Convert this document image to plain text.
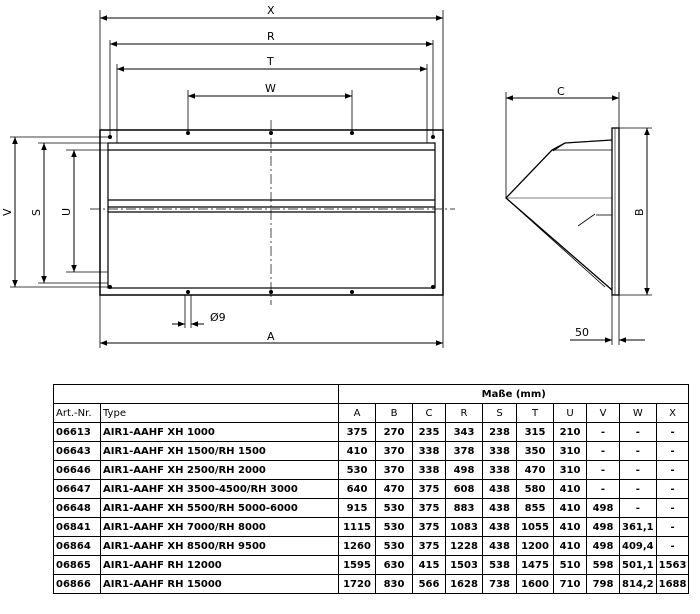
X
R
T
W
A
V S U
Ø9
C
B
50
		Maße (mm)									
Art.-Nr.	Type	A	B	C	R	S	T	U	V	W	X
06613	AIR1-AAHF XH 1000	375	270	235	343	238	315	210	-	-	-
06643	AIR1-AAHF XH 1500/RH 1500	410	370	338	378	338	350	310	-	-	-
06646	AIR1-AAHF XH 2500/RH 2000	530	370	338	498	338	470	310	-	-	-
06647	AIR1-AAHF XH 3500-4500/RH 3000	640	470	375	608	438	580	410	-	-	-
06648	AIR1-AAHF XH 5500/RH 5000-6000	915	530	375	883	438	855	410	498	-	-
06841	AIR1-AAHF XH 7000/RH 8000	1115	530	375	1083	438	1055	410	498	361,1	-
06864	AIR1-AAHF XH 8500/RH 9500	1260	530	375	1228	438	1200	410	498	409,4	-
06865	AIR1-AAHF RH 12000	1595	630	415	1503	538	1475	510	598	501,1	1563
06866	AIR1-AAHF RH 15000	1720	830	566	1628	738	1600	710	798	814,2	1688
